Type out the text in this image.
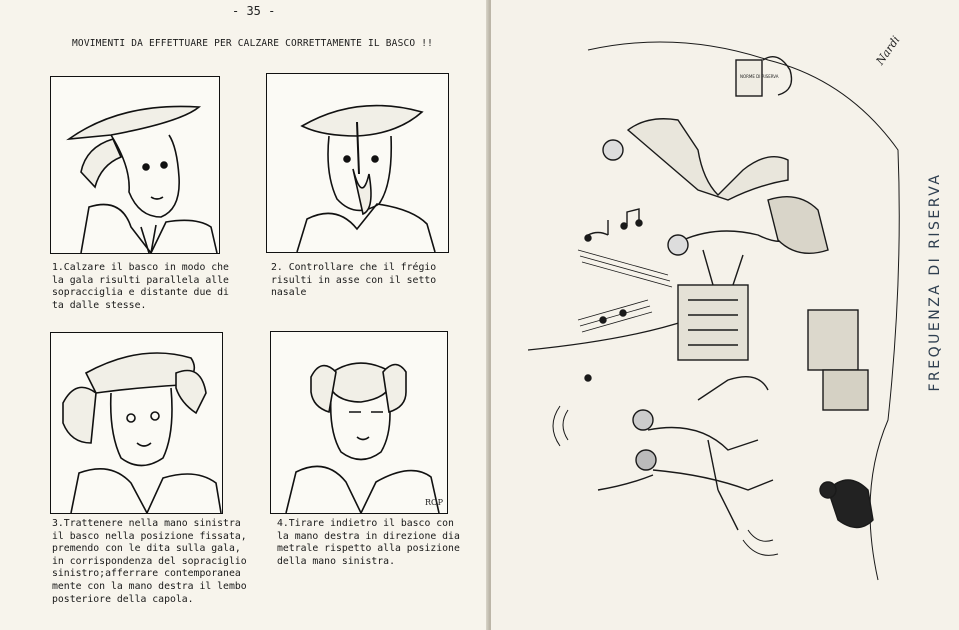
- 35 -
MOVIMENTI DA EFFETTUARE PER CALZARE CORRETTAMENTE IL BASCO !!
ROP
1.Calzare il basco in modo che
la gala risulti parallela alle
sopracciglia e distante due di
ta dalle stesse.
2. Controllare che il frégio
risulti in asse con il setto
nasale
3.Trattenere nella mano sinistra
il basco nella posizione fissata,
premendo con le dita sulla gala,
in corrispondenza del sopraciglio
sinistro;afferrare contemporanea
mente con la mano destra il lembo
posteriore della capola.
4.Tirare indietro il basco con
la mano destra in direzione dia
metrale rispetto alla posizione
della mano sinistra.
NORME DI RISERVA
Nardi
FREQUENZA DI RISERVA
